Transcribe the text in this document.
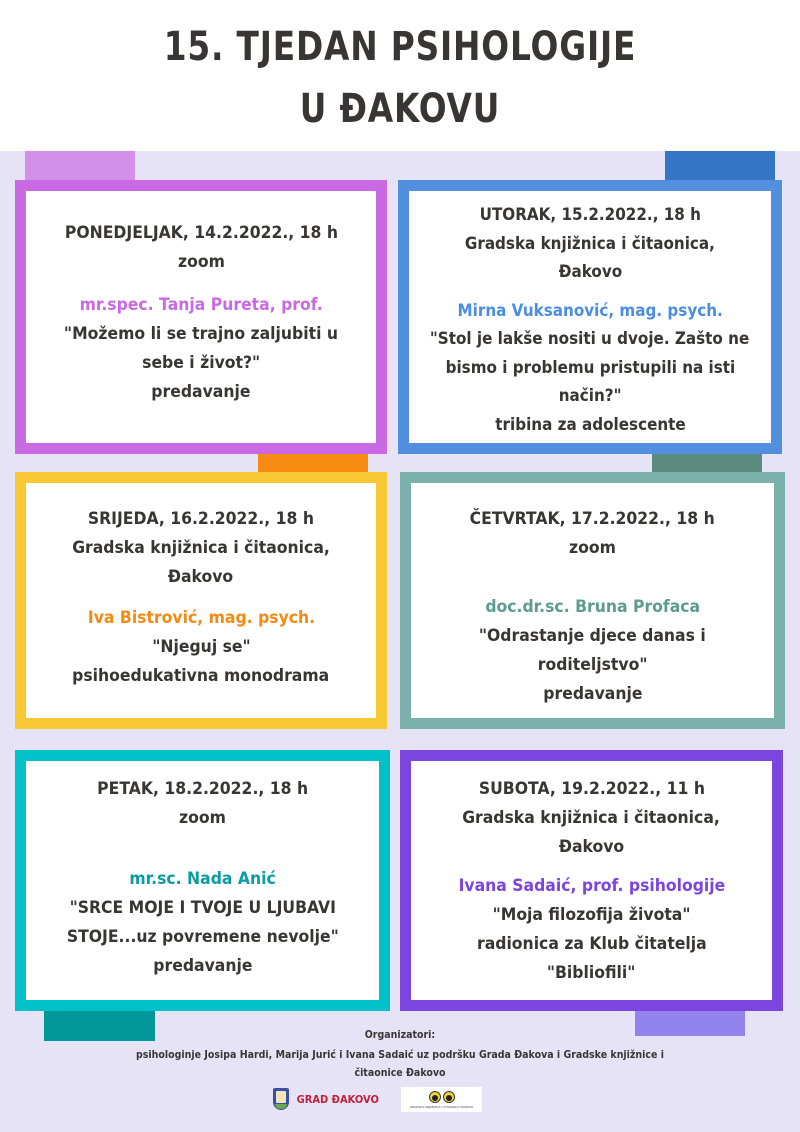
15. TJEDAN PSIHOLOGIJE
U ĐAKOVU
PONEDJELJAK, 14.2.2022., 18 h
zoom
mr.spec. Tanja Pureta, prof.
"Možemo li se trajno zaljubiti u
sebe i život?"
predavanje
UTORAK, 15.2.2022., 18 h
Gradska knjižnica i čitaonica,
Đakovo
Mirna Vuksanović, mag. psych.
"Stol je lakše nositi u dvoje. Zašto ne
bismo i problemu pristupili na isti
način?"
tribina za adolescente
SRIJEDA, 16.2.2022., 18 h
Gradska knjižnica i čitaonica,
Đakovo
Iva Bistrović, mag. psych.
"Njeguj se"
psihoedukativna monodrama
ČETVRTAK, 17.2.2022., 18 h
zoom
doc.dr.sc. Bruna Profaca
"Odrastanje djece danas i
roditeljstvo"
predavanje
PETAK, 18.2.2022., 18 h
zoom
mr.sc. Nada Anić
"SRCE MOJE I TVOJE U LJUBAVI
STOJE...uz povremene nevolje"
predavanje
SUBOTA, 19.2.2022., 11 h
Gradska knjižnica i čitaonica,
Đakovo
Ivana Sadaić, prof. psihologije
"Moja filozofija života"
radionica za Klub čitatelja
"Bibliofili"
Organizatori:
psihologinje Josipa Hardi, Marija Jurić i Ivana Sadaić uz podršku Grada Đakova i Gradske knjižnice i
čitaonice Đakovo
GRAD ĐAKOVO
GRADSKA KNJIŽNICA I ČITAONICA ĐAKOVO
